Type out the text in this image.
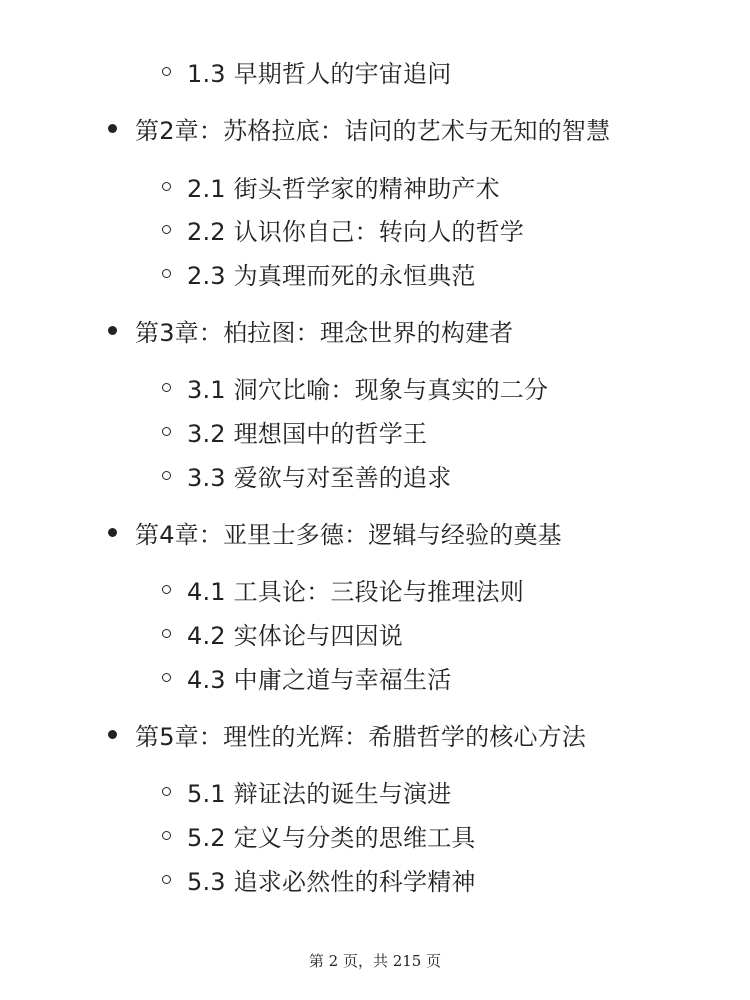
1.3 早期哲人的宇宙追问
第2章：苏格拉底：诘问的艺术与无知的智慧
2.1 街头哲学家的精神助产术
2.2 认识你自己：转向人的哲学
2.3 为真理而死的永恒典范
第3章：柏拉图：理念世界的构建者
3.1 洞穴比喻：现象与真实的二分
3.2 理想国中的哲学王
3.3 爱欲与对至善的追求
第4章：亚里士多德：逻辑与经验的奠基
4.1 工具论：三段论与推理法则
4.2 实体论与四因说
4.3 中庸之道与幸福生活
第5章：理性的光辉：希腊哲学的核心方法
5.1 辩证法的诞生与演进
5.2 定义与分类的思维工具
5.3 追求必然性的科学精神
第 2 页，共 215 页
